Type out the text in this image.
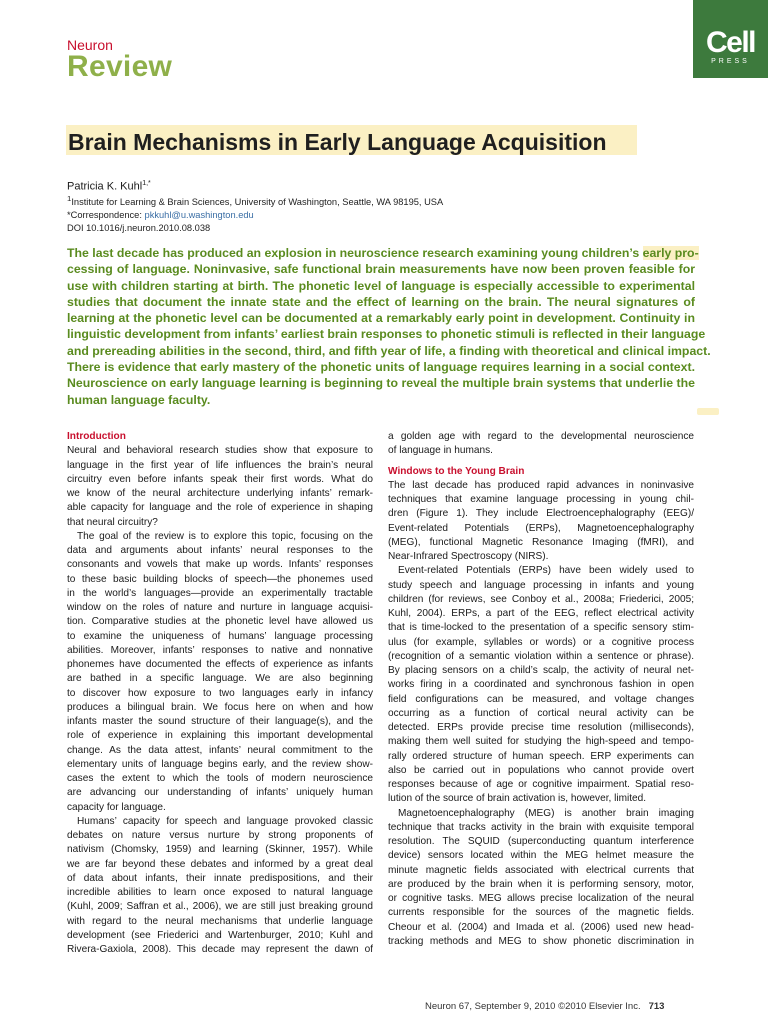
Neuron
Review
Cell
PRESS
Brain Mechanisms in Early Language Acquisition
Patricia K. Kuhl$^{1,*}$
$^1$Institute for Learning & Brain Sciences, University of Washington, Seattle, WA 98195, USA
*Correspondence: pkkuhl@u.washington.edu
DOI 10.1016/j.neuron.2010.08.038
The last decade has produced an explosion in neuroscience research examining young children’s early pro-
cessing of language. Noninvasive, safe functional brain measurements have now been proven feasible for
use with children starting at birth. The phonetic level of language is especially accessible to experimental
studies that document the innate state and the effect of learning on the brain. The neural signatures of
learning at the phonetic level can be documented at a remarkably early point in development. Continuity in
linguistic development from infants’ earliest brain responses to phonetic stimuli is reflected in their language
and prereading abilities in the second, third, and fifth year of life, a finding with theoretical and clinical impact.
There is evidence that early mastery of the phonetic units of language requires learning in a social context.
Neuroscience on early language learning is beginning to reveal the multiple brain systems that underlie the
human language faculty.
Introduction
Neural and behavioral research studies show that exposure to
language in the first year of life influences the brain’s neural
circuitry even before infants speak their first words. What do
we know of the neural architecture underlying infants’ remark-
able capacity for language and the role of experience in shaping
that neural circuitry?
The goal of the review is to explore this topic, focusing on the
data and arguments about infants’ neural responses to the
consonants and vowels that make up words. Infants’ responses
to these basic building blocks of speech—the phonemes used
in the world’s languages—provide an experimentally tractable
window on the roles of nature and nurture in language acquisi-
tion. Comparative studies at the phonetic level have allowed us
to examine the uniqueness of humans’ language processing
abilities. Moreover, infants’ responses to native and nonnative
phonemes have documented the effects of experience as infants
are bathed in a specific language. We are also beginning
to discover how exposure to two languages early in infancy
produces a bilingual brain. We focus here on when and how
infants master the sound structure of their language(s), and the
role of experience in explaining this important developmental
change. As the data attest, infants’ neural commitment to the
elementary units of language begins early, and the review show-
cases the extent to which the tools of modern neuroscience
are advancing our understanding of infants’ uniquely human
capacity for language.
Humans’ capacity for speech and language provoked classic
debates on nature versus nurture by strong proponents of
nativism (Chomsky, 1959) and learning (Skinner, 1957). While
we are far beyond these debates and informed by a great deal
of data about infants, their innate predispositions, and their
incredible abilities to learn once exposed to natural language
(Kuhl, 2009; Saffran et al., 2006), we are still just breaking ground
with regard to the neural mechanisms that underlie language
development (see Friederici and Wartenburger, 2010; Kuhl and
Rivera-Gaxiola, 2008). This decade may represent the dawn of
a golden age with regard to the developmental neuroscience
of language in humans.
Windows to the Young Brain
The last decade has produced rapid advances in noninvasive
techniques that examine language processing in young chil-
dren (Figure 1). They include Electroencephalography (EEG)/
Event-related Potentials (ERPs), Magnetoencephalography
(MEG), functional Magnetic Resonance Imaging (fMRI), and
Near-Infrared Spectroscopy (NIRS).
Event-related Potentials (ERPs) have been widely used to
study speech and language processing in infants and young
children (for reviews, see Conboy et al., 2008a; Friederici, 2005;
Kuhl, 2004). ERPs, a part of the EEG, reflect electrical activity
that is time-locked to the presentation of a specific sensory stim-
ulus (for example, syllables or words) or a cognitive process
(recognition of a semantic violation within a sentence or phrase).
By placing sensors on a child’s scalp, the activity of neural net-
works firing in a coordinated and synchronous fashion in open
field configurations can be measured, and voltage changes
occurring as a function of cortical neural activity can be
detected. ERPs provide precise time resolution (milliseconds),
making them well suited for studying the high-speed and tempo-
rally ordered structure of human speech. ERP experiments can
also be carried out in populations who cannot provide overt
responses because of age or cognitive impairment. Spatial reso-
lution of the source of brain activation is, however, limited.
Magnetoencephalography (MEG) is another brain imaging
technique that tracks activity in the brain with exquisite temporal
resolution. The SQUID (superconducting quantum interference
device) sensors located within the MEG helmet measure the
minute magnetic fields associated with electrical currents that
are produced by the brain when it is performing sensory, motor,
or cognitive tasks. MEG allows precise localization of the neural
currents responsible for the sources of the magnetic fields.
Cheour et al. (2004) and Imada et al. (2006) used new head-
tracking methods and MEG to show phonetic discrimination in
Neuron 67, September 9, 2010 ©2010 Elsevier Inc. 713
